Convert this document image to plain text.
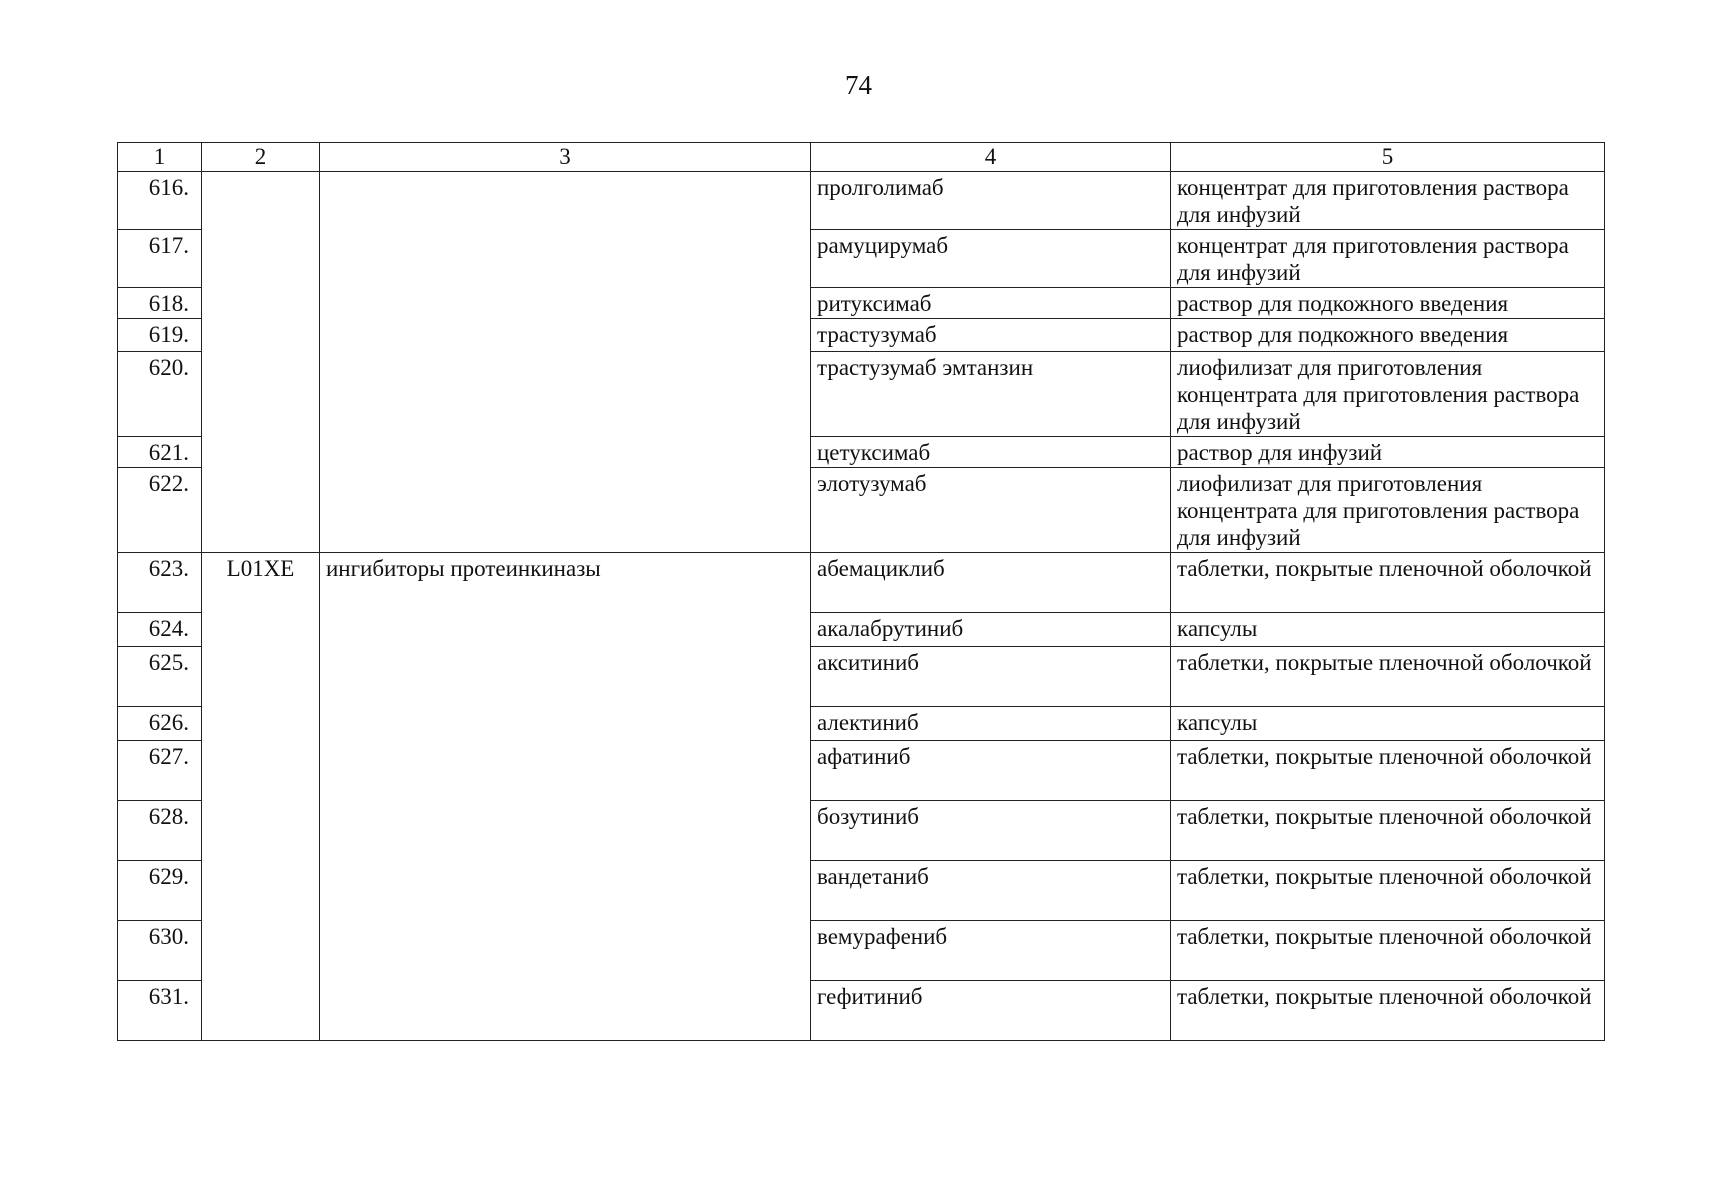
74
1	2	3	4	5
616.			пролголимаб	концентрат для приготовления раствора для инфузий
617.			рамуцирумаб	концентрат для приготовления раствора для инфузий
618.			ритуксимаб	раствор для подкожного введения
619.			трастузумаб	раствор для подкожного введения
620.			трастузумаб эмтанзин	лиофилизат для приготовления концентрата для приготовления раствора для инфузий
621.			цетуксимаб	раствор для инфузий
622.			элотузумаб	лиофилизат для приготовления концентрата для приготовления раствора для инфузий
623.	L01XE	ингибиторы протеинкиназы	абемациклиб	таблетки, покрытые пленочной оболочкой
624.			акалабрутиниб	капсулы
625.			акситиниб	таблетки, покрытые пленочной оболочкой
626.			алектиниб	капсулы
627.			афатиниб	таблетки, покрытые пленочной оболочкой
628.			бозутиниб	таблетки, покрытые пленочной оболочкой
629.			вандетаниб	таблетки, покрытые пленочной оболочкой
630.			вемурафениб	таблетки, покрытые пленочной оболочкой
631.			гефитиниб	таблетки, покрытые пленочной оболочкой
